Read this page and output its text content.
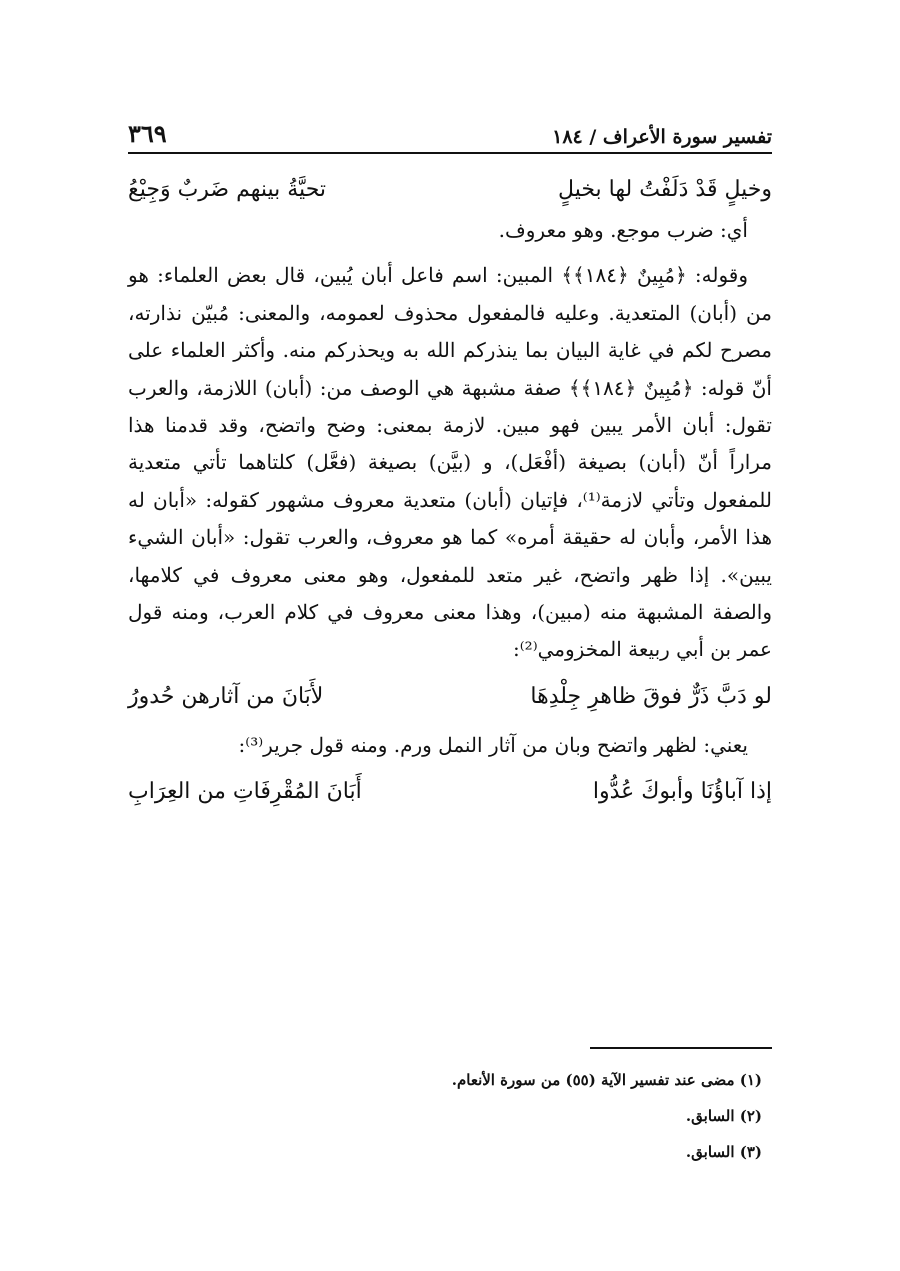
تفسير سورة الأعراف / ١٨٤
٣٦٩
وخيلٍ قَدْ دَلَفْتُ لها بخيلٍ
تحيَّةُ بينهم ضَربٌ وَجِيْعُ

أي: ضرب موجع. وهو معروف.

وقوله: ﴿مُبِينٌ ﴿١٨٤﴾﴾ المبين: اسم فاعل أبان يُبين، قال بعض العلماء: هو من (أبان) المتعدية. وعليه فالمفعول محذوف لعمومه، والمعنى: مُبيّن نذارته، مصرح لكم في غاية البيان بما ينذركم الله به ويحذركم منه. وأكثر العلماء على أنّ قوله: ﴿مُبِينٌ ﴿١٨٤﴾﴾ صفة مشبهة هي الوصف من: (أبان) اللازمة، والعرب تقول: أبان الأمر يبين فهو مبين. لازمة بمعنى: وضح واتضح، وقد قدمنا هذا مراراً أنّ (أبان) بصيغة (أفْعَل)، و (بيَّن) بصيغة (فعَّل) كلتاهما تأتي متعدية للمفعول وتأتي لازمة⁽¹⁾، فإتيان (أبان) متعدية معروف مشهور كقوله: «أبان له هذا الأمر، وأبان له حقيقة أمره» كما هو معروف، والعرب تقول: «أبان الشيء يبين». إذا ظهر واتضح، غير متعد للمفعول، وهو معنى معروف في كلامها، والصفة المشبهة منه (مبين)، وهذا معنى معروف في كلام العرب، ومنه قول عمر بن أبي ربيعة المخزومي⁽²⁾:

لو دَبَّ ذَرٌّ فوقَ ظاهرِ جِلْدِهَا
لأَبَانَ من آثارهن حُدورُ

يعني: لظهر واتضح وبان من آثار النمل ورم. ومنه قول جرير⁽³⁾:

إذا آباؤُنَا وأبوكَ عُدُّوا
أَبَانَ المُقْرِفَاتِ من العِرَابِ
(١) مضى عند تفسير الآية (٥٥) من سورة الأنعام.
(٢) السابق.
(٣) السابق.
